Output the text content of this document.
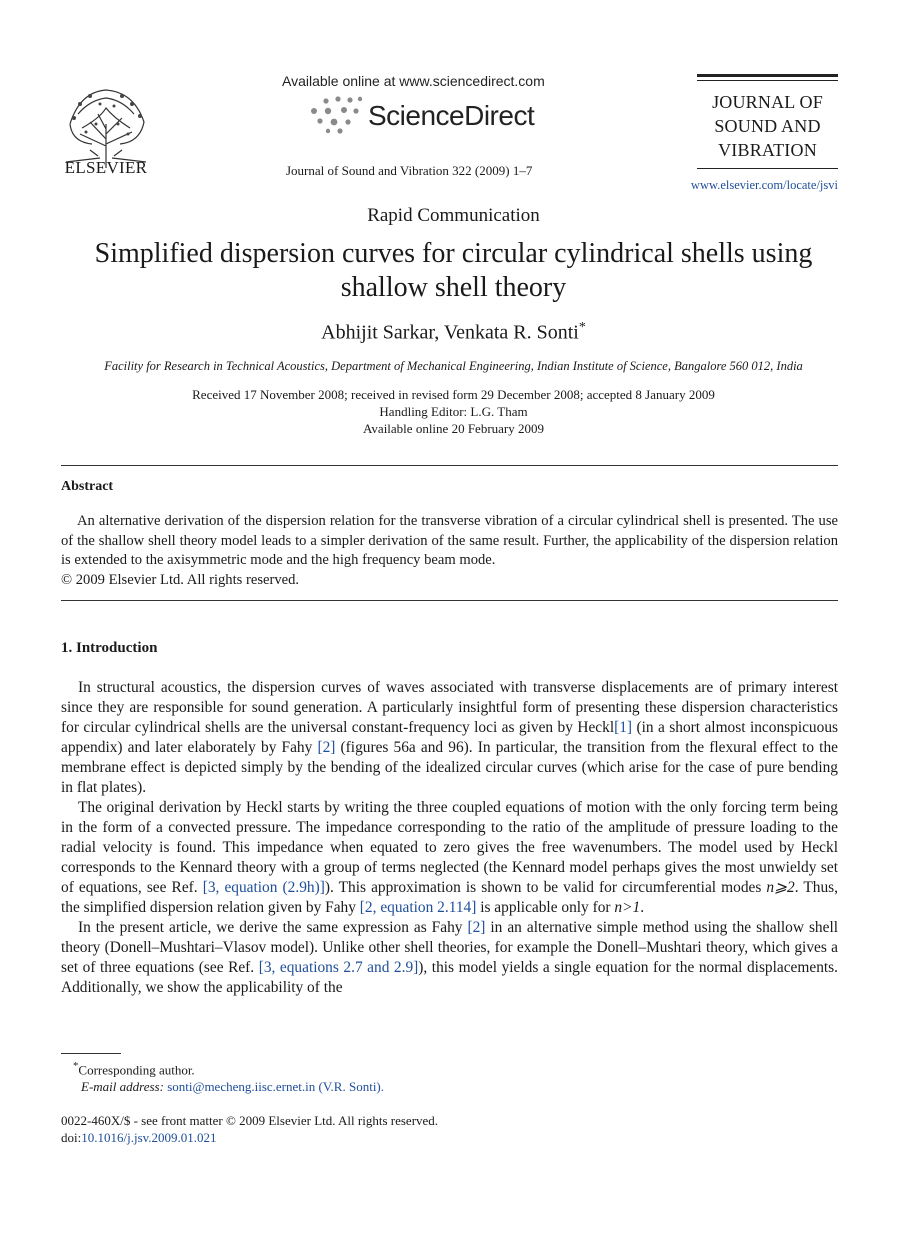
ELSEVIER
Available online at www.sciencedirect.com
ScienceDirect
Journal of Sound and Vibration 322 (2009) 1–7
JOURNAL OF
SOUND AND
VIBRATION
www.elsevier.com/locate/jsvi
Rapid Communication
Simplified dispersion curves for circular cylindrical shells using
shallow shell theory
Abhijit Sarkar, Venkata R. Sonti*
Facility for Research in Technical Acoustics, Department of Mechanical Engineering, Indian Institute of Science, Bangalore 560 012, India
Received 17 November 2008; received in revised form 29 December 2008; accepted 8 January 2009
Handling Editor: L.G. Tham
Available online 20 February 2009
Abstract

An alternative derivation of the dispersion relation for the transverse vibration of a circular cylindrical shell is presented. The use of the shallow shell theory model leads to a simpler derivation of the same result. Further, the applicability of the dispersion relation is extended to the axisymmetric mode and the high frequency beam mode.

© 2009 Elsevier Ltd. All rights reserved.
1. Introduction

In structural acoustics, the dispersion curves of waves associated with transverse displacements are of primary interest since they are responsible for sound generation. A particularly insightful form of presenting these dispersion characteristics for circular cylindrical shells are the universal constant-frequency loci as given by Heckl[1] (in a short almost inconspicuous appendix) and later elaborately by Fahy [2] (figures 56a and 96). In particular, the transition from the flexural effect to the membrane effect is depicted simply by the bending of the idealized circular curves (which arise for the case of pure bending in flat plates).

The original derivation by Heckl starts by writing the three coupled equations of motion with the only forcing term being in the form of a convected pressure. The impedance corresponding to the ratio of the amplitude of pressure loading to the radial velocity is found. This impedance when equated to zero gives the free wavenumbers. The model used by Heckl corresponds to the Kennard theory with a group of terms neglected (the Kennard model perhaps gives the most unwieldy set of equations, see Ref. [3, equation (2.9h)]). This approximation is shown to be valid for circumferential modes n⩾2. Thus, the simplified dispersion relation given by Fahy [2, equation 2.114] is applicable only for n>1.

In the present article, we derive the same expression as Fahy [2] in an alternative simple method using the shallow shell theory (Donell–Mushtari–Vlasov model). Unlike other shell theories, for example the Donell–Mushtari theory, which gives a set of three equations (see Ref. [3, equations 2.7 and 2.9]), this model yields a single equation for the normal displacements. Additionally, we show the applicability of the

*Corresponding author.
E-mail address: sonti@mecheng.iisc.ernet.in (V.R. Sonti).
0022-460X/$ - see front matter © 2009 Elsevier Ltd. All rights reserved.
doi:10.1016/j.jsv.2009.01.021
